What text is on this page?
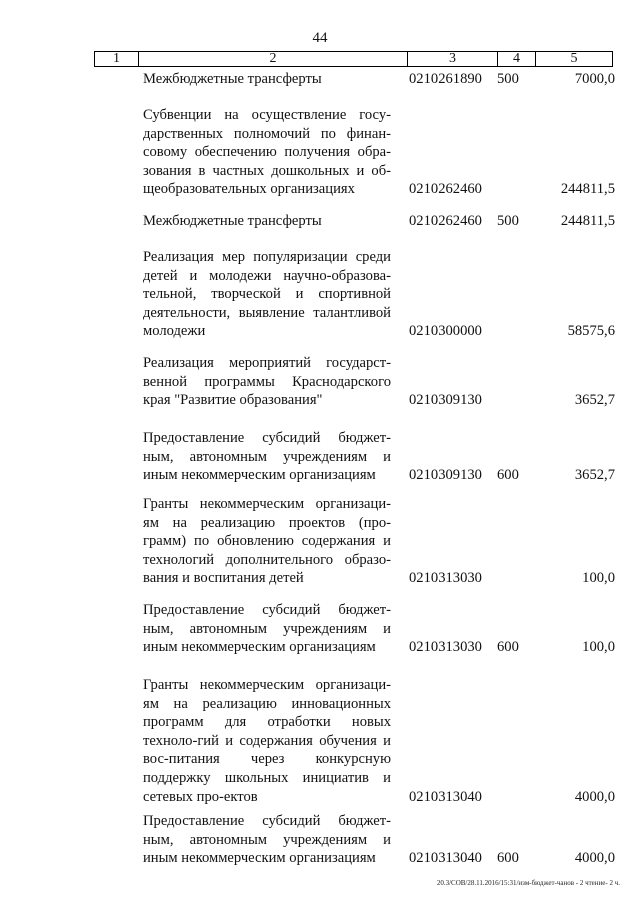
44
1	2	3	4	5
Межбюджетные трансферты	0210261890 500	7000,0
Субвенции на осуществление госу-дарственных полномочий по финан-совому обеспечению получения обра-зования в частных дошкольных и об-щеобразовательных организациях	0210262460	244811,5
Межбюджетные трансферты	0210262460 500	244811,5
Реализация мер популяризации среди детей и молодежи научно-образова-тельной, творческой и спортивной деятельности, выявление талантливой молодежи	0210300000	58575,6
Реализация мероприятий государст-венной программы Краснодарского края "Развитие образования"	0210309130	3652,7
Предоставление субсидий бюджет-ным, автономным учреждениям и иным некоммерческим организациям	0210309130 600	3652,7
Гранты некоммерческим организаци-ям на реализацию проектов (про-грамм) по обновлению содержания и технологий дополнительного образо-вания и воспитания детей	0210313030	100,0
Предоставление субсидий бюджет-ным, автономным учреждениям и иным некоммерческим организациям	0210313030 600	100,0
Гранты некоммерческим организаци-ям на реализацию инновационных программ для отработки новых техноло-гий и содержания обучения и вос-питания через конкурсную поддержку школьных инициатив и сетевых про-ектов	0210313040	4000,0
Предоставление субсидий бюджет-ным, автономным учреждениям и иным некоммерческим организациям	0210313040 600	4000,0
20.3/СОВ/28.11.2016/15:31/изм-бюджет-чанов - 2 чтение- 2 ч.
